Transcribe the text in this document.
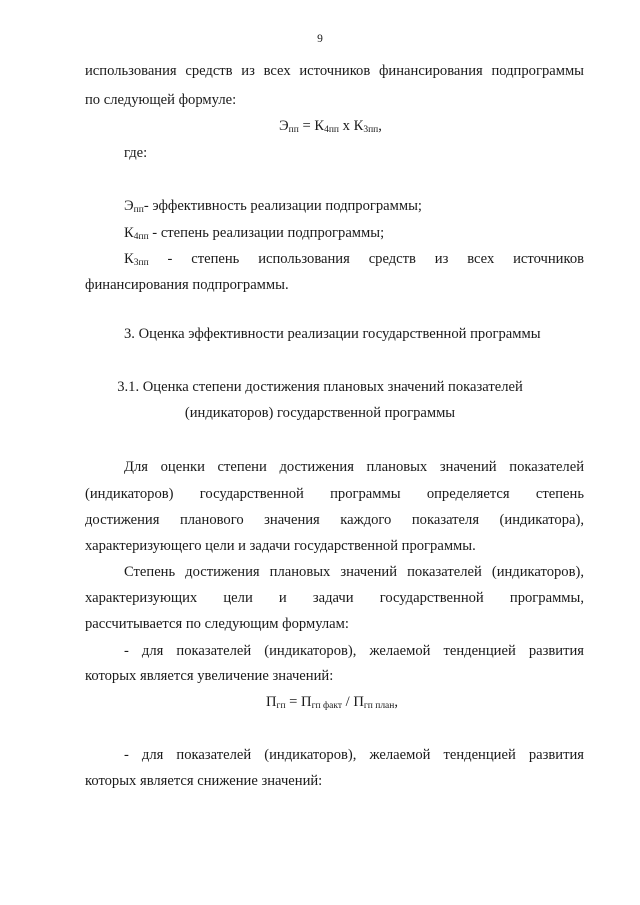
9
использования средств из всех источников финансирования подпрограммы
по следующей формуле:
$Э_{пп} = К_{4пп}$ x $К_{3пп}$,
где:
$Э_{пп}-$ эффективность реализации подпрограммы;
$К_{4пп}$ - степень реализации подпрограммы;
$К_{3пп}$ - степень использования средств из всех источников
финансирования подпрограммы.
3. Оценка эффективности реализации государственной программы
3.1. Оценка степени достижения плановых значений показателей
(индикаторов) государственной программы
Для оценки степени достижения плановых значений показателей
(индикаторов) государственной программы определяется степень
достижения планового значения каждого показателя (индикатора),
характеризующего цели и задачи государственной программы.
Степень достижения плановых значений показателей (индикаторов),
характеризующих цели и задачи государственной программы,
рассчитывается по следующим формулам:
- для показателей (индикаторов), желаемой тенденцией развития
которых является увеличение значений:
$П_{гп} = П_{гп факт} / П_{гп план}$,
- для показателей (индикаторов), желаемой тенденцией развития
которых является снижение значений:
